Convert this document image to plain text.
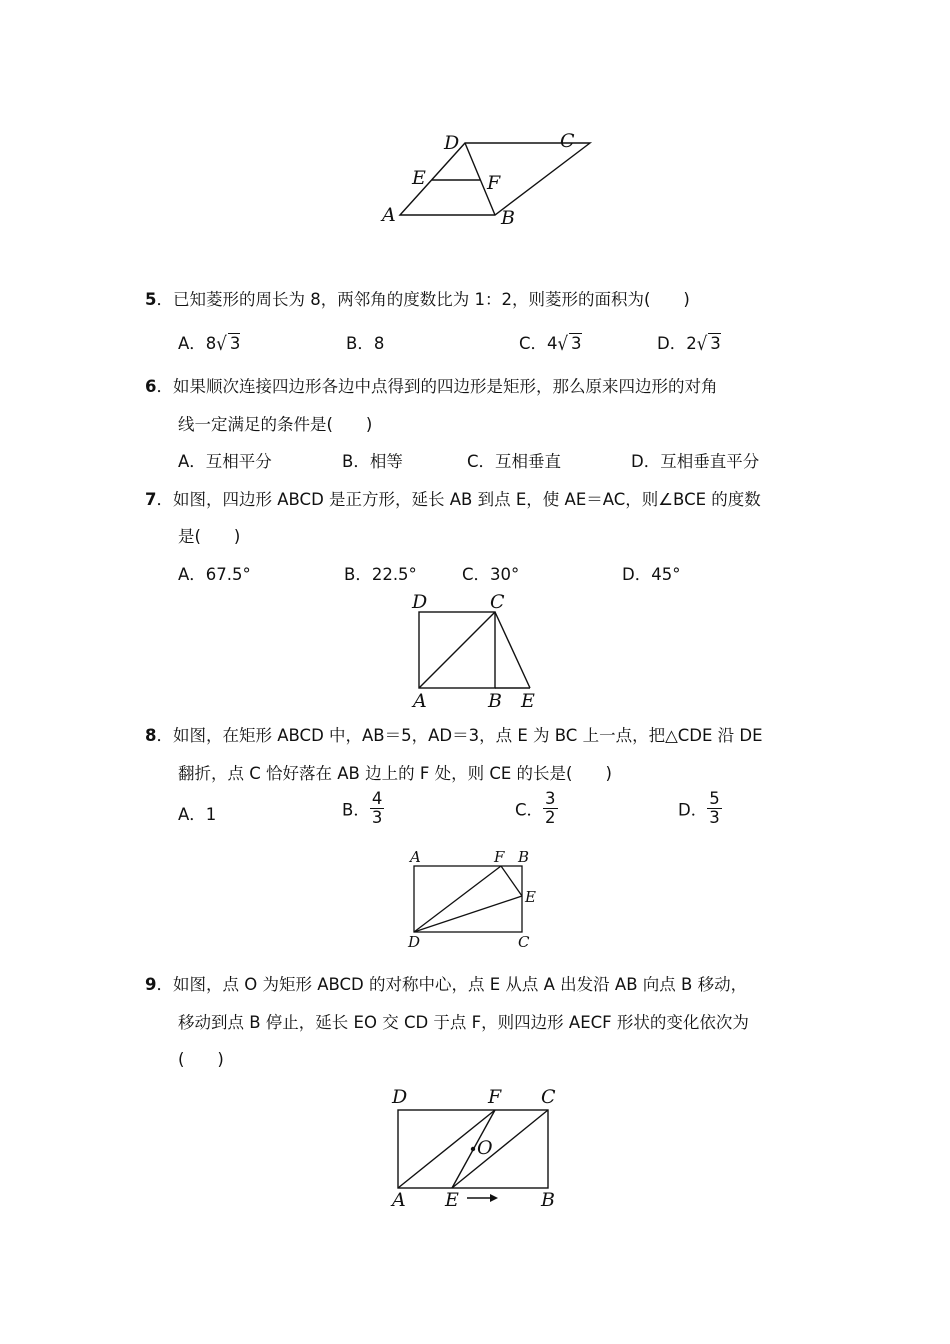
D	C
E	F
A	B
5．已知菱形的周长为 8，两邻角的度数比为 1：2，则菱形的面积为(　　)
A．8√ 3	B．8	C．4√ 3	D．2√ 3
6．如果顺次连接四边形各边中点得到的四边形是矩形，那么原来四边形的对角
线一定满足的条件是(　　)
A．互相平分	B．相等	C．互相垂直	D．互相垂直平分
7．如图，四边形 ABCD 是正方形，延长 AB 到点 E，使 AE＝AC，则∠BCE 的度数
是(　　)
A．67.5°	B．22.5°	C．30°	D．45°
D	C
A	B E
8．如图，在矩形 ABCD 中，AB＝5，AD＝3，点 E 为 BC 上一点，把△CDE 沿 DE
翻折，点 C 恰好落在 AB 边上的 F 处，则 CE 的长是(　　)
A．1	B． $\frac{4}{3}$	C． $\frac{3}{2}$	D． $\frac{5}{3}$
A	F B
E
D	C
9．如图，点 O 为矩形 ABCD 的对称中心，点 E 从点 A 出发沿 AB 向点 B 移动，
移动到点 B 停止，延长 EO 交 CD 于点 F，则四边形 AECF 形状的变化依次为
(　　)
D	F C
O
A E	B
